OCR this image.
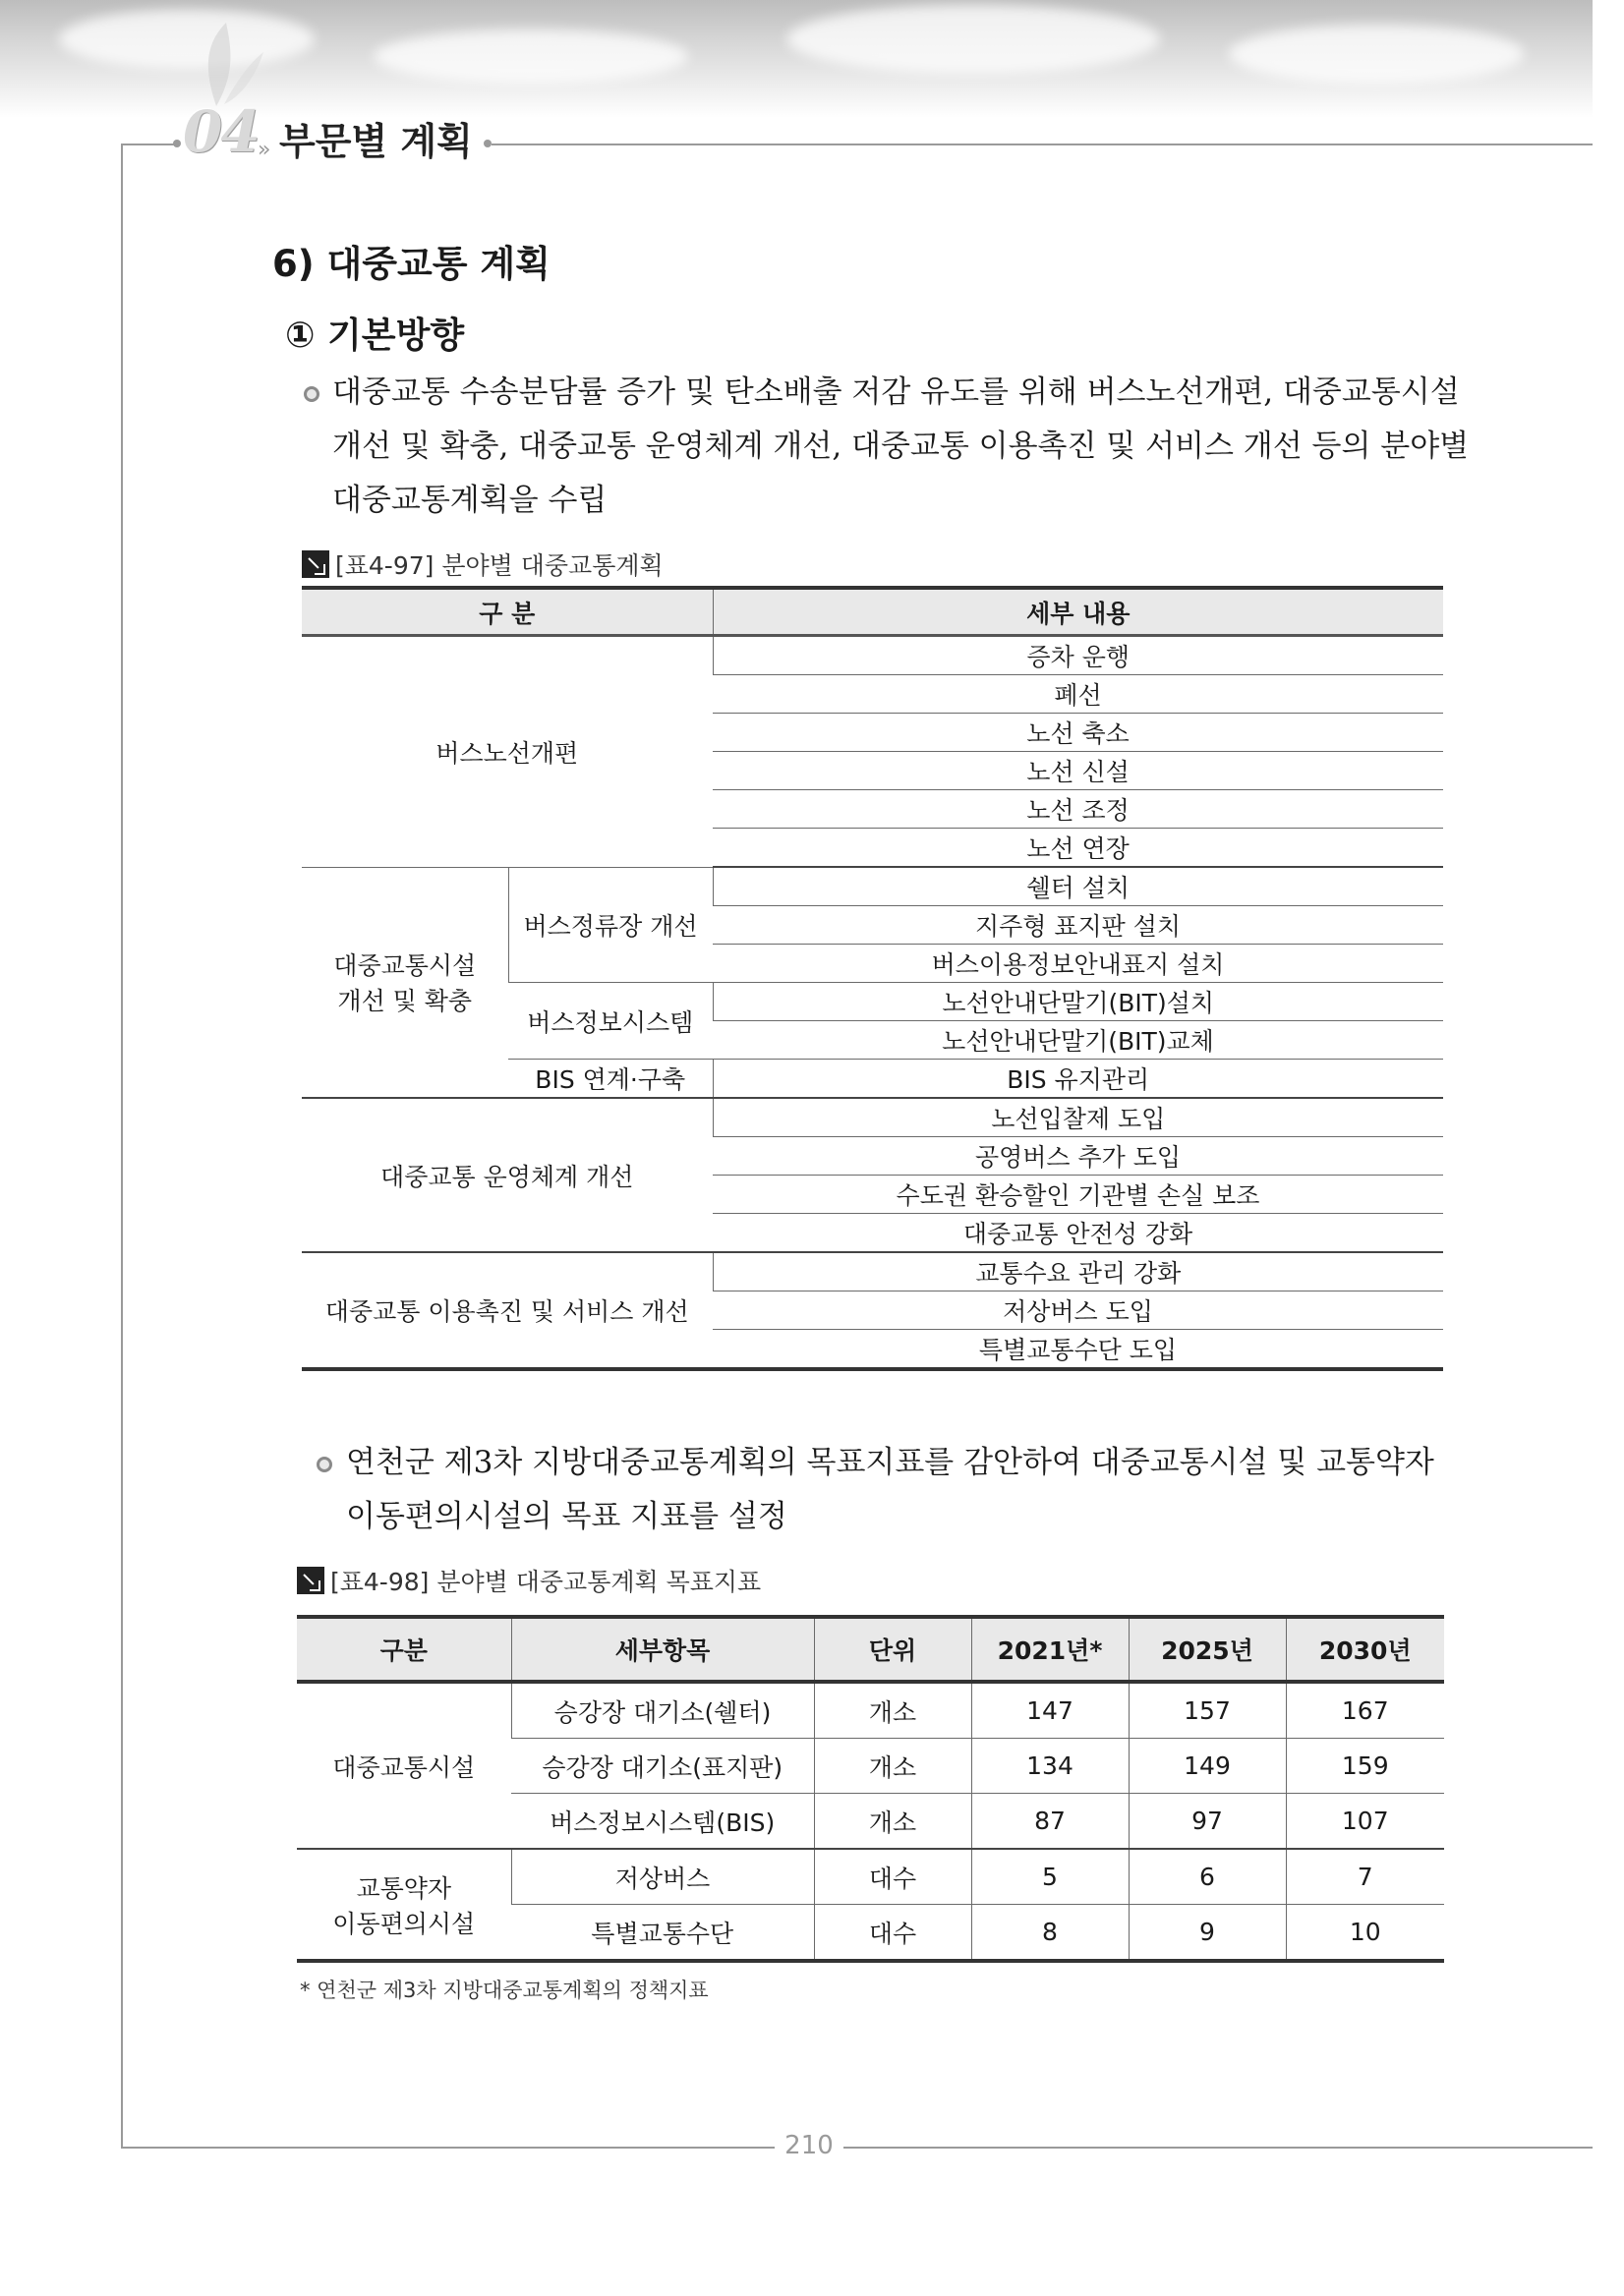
04 » 부문별 계획
6) 대중교통 계획
① 기본방향
대중교통 수송분담률 증가 및 탄소배출 저감 유도를 위해 버스노선개편, 대중교통시설
개선 및 확충, 대중교통 운영체계 개선, 대중교통 이용촉진 및 서비스 개선 등의 분야별
대중교통계획을 수립
[표4-97] 분야별 대중교통계획
구 분		세부 내용
버스노선개편		증차 운행
		폐선
		노선 축소
		노선 신설
		노선 조정
		노선 연장

대중교통시설
개선 및 확충	버스정류장 개선	쉘터 설치
		지주형 표지판 설치
		버스이용정보안내표지 설치
	버스정보시스템	노선안내단말기(BIT)설치
		노선안내단말기(BIT)교체
	BIS 연계·구축	BIS 유지관리
대중교통 운영체계 개선		노선입찰제 도입
		공영버스 추가 도입
		수도권 환승할인 기관별 손실 보조
		대중교통 안전성 강화
대중교통 이용촉진 및 서비스 개선		교통수요 관리 강화
		저상버스 도입
		특별교통수단 도입
연천군 제3차 지방대중교통계획의 목표지표를 감안하여 대중교통시설 및 교통약자
이동편의시설의 목표 지표를 설정
[표4-98] 분야별 대중교통계획 목표지표
구분	세부항목	단위	2021년*	2025년	2030년
대중교통시설	승강장 대기소(쉘터)	개소	147	157	167
	승강장 대기소(표지판)	개소	134	149	159
	버스정보시스템(BIS)	개소	87	97	107

교통약자
이동편의시설	저상버스	대수	5	6	7
	특별교통수단	대수	8	9	10
* 연천군 제3차 지방대중교통계획의 정책지표
210
